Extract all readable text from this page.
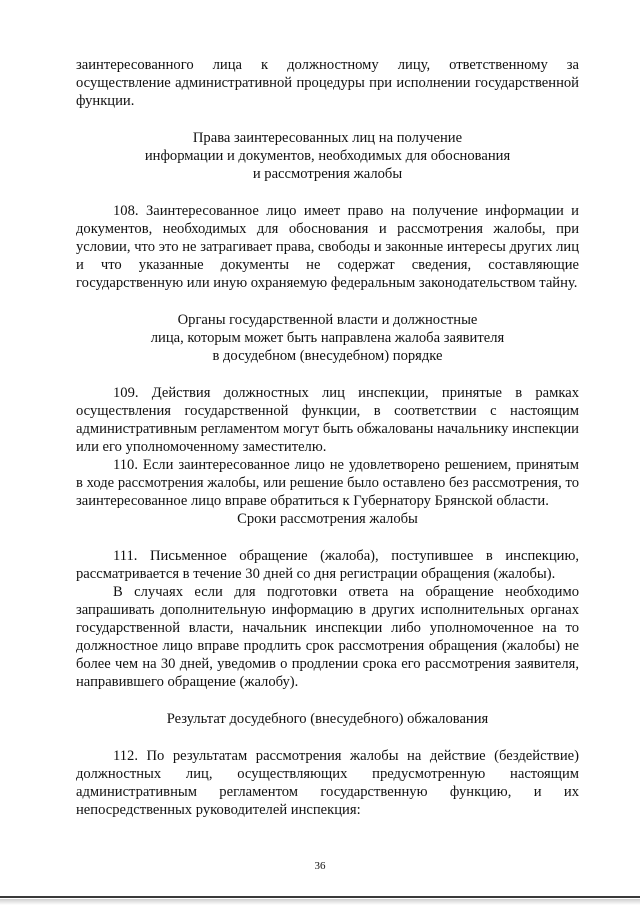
заинтересованного лица к должностному лицу, ответственному за осуществление административной процедуры при исполнении государственной функции.

Права заинтересованных лиц на получение
информации и документов, необходимых для обоснования
и рассмотрения жалобы

108. Заинтересованное лицо имеет право на получение информации и документов, необходимых для обоснования и рассмотрения жалобы, при условии, что это не затрагивает права, свободы и законные интересы других лиц и что указанные документы не содержат сведения, составляющие государственную или иную охраняемую федеральным законодательством тайну.

Органы государственной власти и должностные
лица, которым может быть направлена жалоба заявителя
в досудебном (внесудебном) порядке

109. Действия должностных лиц инспекции, принятые в рамках осуществления государственной функции, в соответствии с настоящим административным регламентом могут быть обжалованы начальнику инспекции или его уполномоченному заместителю.

110. Если заинтересованное лицо не удовлетворено решением, принятым в ходе рассмотрения жалобы, или решение было оставлено без рассмотрения, то заинтересованное лицо вправе обратиться к Губернатору Брянской области.

Сроки рассмотрения жалобы

111. Письменное обращение (жалоба), поступившее в инспекцию, рассматривается в течение 30 дней со дня регистрации обращения (жалобы).

В случаях если для подготовки ответа на обращение необходимо запрашивать дополнительную информацию в других исполнительных органах государственной власти, начальник инспекции либо уполномоченное на то должностное лицо вправе продлить срок рассмотрения обращения (жалобы) не более чем на 30 дней, уведомив о продлении срока его рассмотрения заявителя, направившего обращение (жалобу).

Результат досудебного (внесудебного) обжалования

112. По результатам рассмотрения жалобы на действие (бездействие) должностных лиц, осуществляющих предусмотренную настоящим административным регламентом государственную функцию, и их непосредственных руководителей инспекция:

36
